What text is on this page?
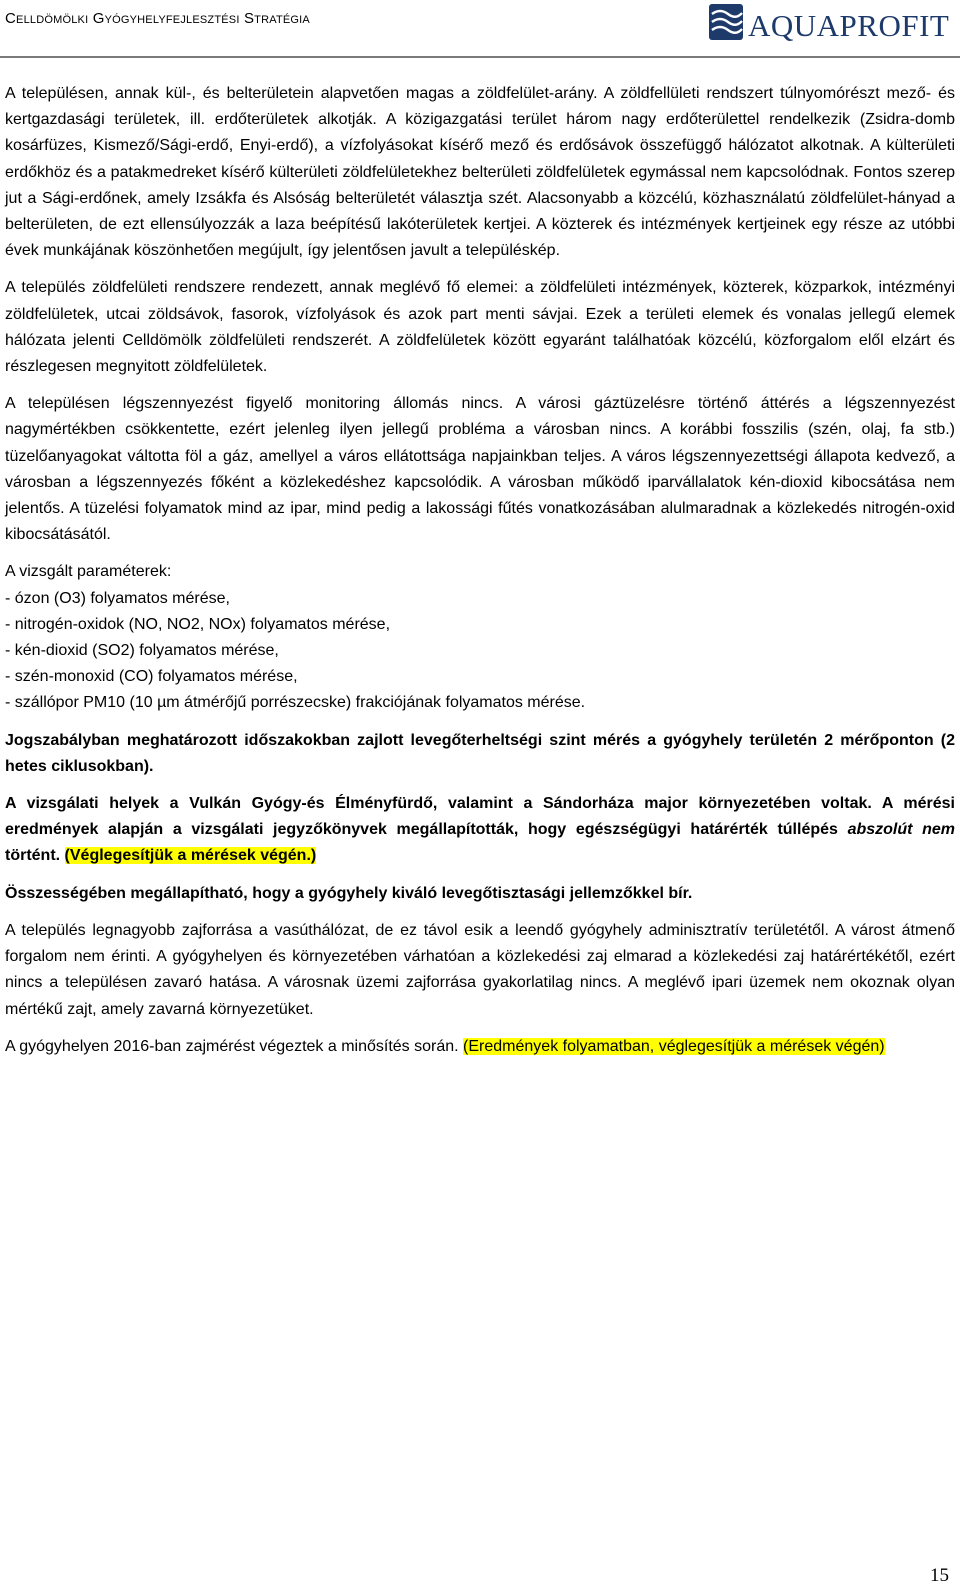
Celldömölki Gyógyhelyfejlesztési Stratégia	AQUAPROFIT

A településen, annak kül-, és belterületein alapvetően magas a zöldfelület-arány. A zöldfellületi rendszert túlnyomórészt mező- és kertgazdasági területek, ill. erdőterületek alkotják. A közigazgatási terület három nagy erdőterülettel rendelkezik (Zsidra-domb kosárfüzes, Kismező/Sági-erdő, Enyi-erdő), a vízfolyásokat kísérő mező és erdősávok összefüggő hálózatot alkotnak. A külterületi erdőkhöz és a patakmedreket kísérő külterületi zöldfelületekhez belterületi zöldfelületek egymással nem kapcsolódnak. Fontos szerep jut a Sági-erdőnek, amely Izsákfa és Alsóság belterületét választja szét. Alacsonyabb a közcélú, közhasználatú zöldfelület-hányad a belterületen, de ezt ellensúlyozzák a laza beépítésű lakóterületek kertjei. A közterek és intézmények kertjeinek egy része az utóbbi évek munkájának köszönhetően megújult, így jelentősen javult a településkép.

A település zöldfelületi rendszere rendezett, annak meglévő fő elemei: a zöldfelületi intézmények, közterek, közparkok, intézményi zöldfelületek, utcai zöldsávok, fasorok, vízfolyások és azok part menti sávjai. Ezek a területi elemek és vonalas jellegű elemek hálózata jelenti Celldömölk zöldfelületi rendszerét. A zöldfelületek között egyaránt találhatóak közcélú, közforgalom elől elzárt és részlegesen megnyitott zöldfelületek.

A településen légszennyezést figyelő monitoring állomás nincs. A városi gáztüzelésre történő áttérés a légszennyezést nagymértékben csökkentette, ezért jelenleg ilyen jellegű probléma a városban nincs. A korábbi fosszilis (szén, olaj, fa stb.) tüzelőanyagokat váltotta föl a gáz, amellyel a város ellátottsága napjainkban teljes. A város légszennyezettségi állapota kedvező, a városban a légszennyezés főként a közlekedéshez kapcsolódik. A városban működő iparvállalatok kén-dioxid kibocsátása nem jelentős. A tüzelési folyamatok mind az ipar, mind pedig a lakossági fűtés vonatkozásában alulmaradnak a közlekedés nitrogén-oxid kibocsátásától.

A vizsgált paraméterek:
- ózon (O3) folyamatos mérése,
- nitrogén-oxidok (NO, NO2, NOx) folyamatos mérése,
- kén-dioxid (SO2) folyamatos mérése,
- szén-monoxid (CO) folyamatos mérése,
- szállópor PM10 (10 µm átmérőjű porrészecske) frakciójának folyamatos mérése.

Jogszabályban meghatározott időszakokban zajlott levegőterheltségi szint mérés a gyógyhely területén 2 mérőponton (2 hetes ciklusokban).

A vizsgálati helyek a Vulkán Gyógy-és Élményfürdő, valamint a Sándorháza major környezetében voltak. A mérési eredmények alapján a vizsgálati jegyzőkönyvek megállapították, hogy egészségügyi határérték túllépés abszolút nem történt. (Véglegesítjük a mérések végén.)

Összességében megállapítható, hogy a gyógyhely kiváló levegőtisztasági jellemzőkkel bír.

A település legnagyobb zajforrása a vasúthálózat, de ez távol esik a leendő gyógyhely adminisztratív területétől. A várost átmenő forgalom nem érinti. A gyógyhelyen és környezetében várhatóan a közlekedési zaj elmarad a közlekedési zaj határértékétől, ezért nincs a településen zavaró hatása. A városnak üzemi zajforrása gyakorlatilag nincs. A meglévő ipari üzemek nem okoznak olyan mértékű zajt, amely zavarná környezetüket.

A gyógyhelyen 2016-ban zajmérést végeztek a minősítés során. (Eredmények folyamatban, véglegesítjük a mérések végén)

15
